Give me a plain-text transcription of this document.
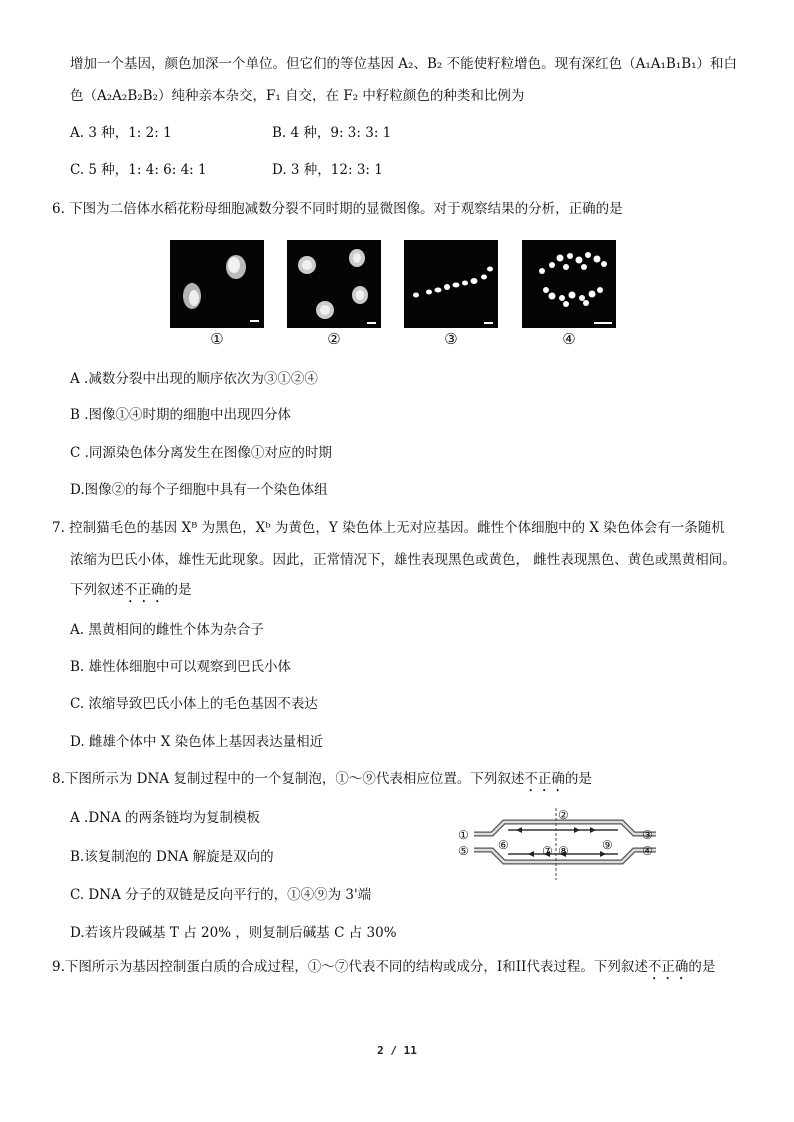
增加一个基因，颜色加深一个单位。但它们的等位基因 A₂、B₂ 不能使籽粒增色。现有深红色（A₁A₁B₁B₁）和白
色（A₂A₂B₂B₂）纯种亲本杂交，F₁ 自交，在 F₂ 中籽粒颜色的种类和比例为
A. 3 种，1: 2: 1	B. 4 种，9: 3: 3: 1
C. 5 种，1: 4: 6: 4: 1	D. 3 种，12: 3: 1
6. 下图为二倍体水稻花粉母细胞减数分裂不同时期的显微图像。对于观察结果的分析，正确的是
①	②	③	④
A .减数分裂中出现的顺序依次为③①②④
B .图像①④时期的细胞中出现四分体
C .同源染色体分离发生在图像①对应的时期
D.图像②的每个子细胞中具有一个染色体组
7. 控制猫毛色的基因 Xᴮ 为黑色，Xᵇ 为黄色，Y 染色体上无对应基因。雌性个体细胞中的 X 染色体会有一条随机
浓缩为巴氏小体，雄性无此现象。因此，正常情况下，雄性表现黑色或黄色， 雌性表现黑色、黄色或黑黄相间。
下列叙述不正确的是
A. 黑黄相间的雌性个体为杂合子
B. 雄性体细胞中可以观察到巴氏小体
C. 浓缩导致巴氏小体上的毛色基因不表达
D. 雌雄个体中 X 染色体上基因表达量相近
8.下图所示为 DNA 复制过程中的一个复制泡，①～⑨代表相应位置。下列叙述不正确的是
A .DNA 的两条链均为复制模板
B.该复制泡的 DNA 解旋是双向的
C. DNA 分子的双链是反向平行的，①④⑨为 3'端
D.若该片段碱基 T 占 20% ，则复制后碱基 C 占 30%
①
②
③
④
⑤ ⑥	⑦ ⑧	⑨
9.下图所示为基因控制蛋白质的合成过程，①～⑦代表不同的结构或成分，I和II代表过程。下列叙述不正确的是
2 / 11
